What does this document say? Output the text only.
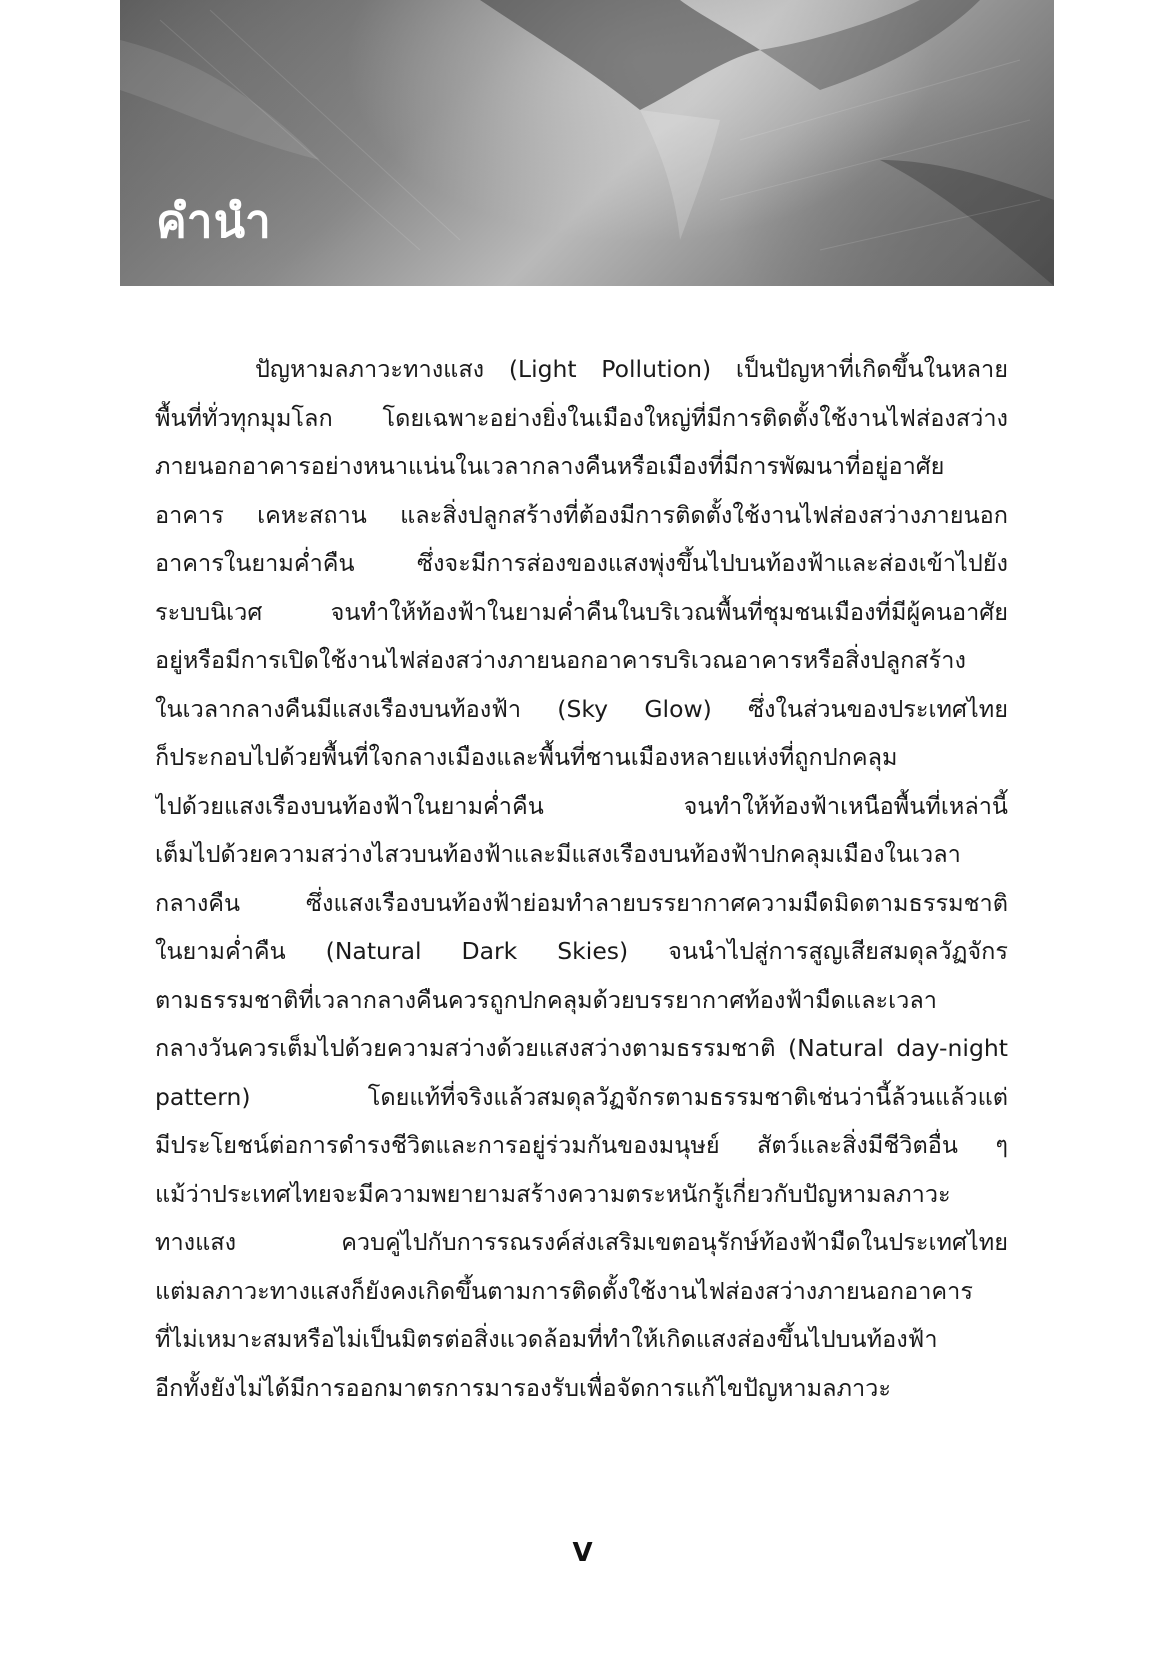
คำนำ
ปัญหามลภาวะทางแสง (Light Pollution) เป็นปัญหาที่เกิดขึ้นในหลาย
พื้นที่ทั่วทุกมุมโลก โดยเฉพาะอย่างยิ่งในเมืองใหญ่ที่มีการติดตั้งใช้งานไฟส่องสว่าง
ภายนอกอาคารอย่างหนาแน่นในเวลากลางคืนหรือเมืองที่มีการพัฒนาที่อยู่อาศัย
อาคาร เคหะสถาน และสิ่งปลูกสร้างที่ต้องมีการติดตั้งใช้งานไฟส่องสว่างภายนอก
อาคารในยามค่ำคืน ซึ่งจะมีการส่องของแสงพุ่งขึ้นไปบนท้องฟ้าและส่องเข้าไปยัง
ระบบนิเวศ จนทำให้ท้องฟ้าในยามค่ำคืนในบริเวณพื้นที่ชุมชนเมืองที่มีผู้คนอาศัย
อยู่หรือมีการเปิดใช้งานไฟส่องสว่างภายนอกอาคารบริเวณอาคารหรือสิ่งปลูกสร้าง
ในเวลากลางคืนมีแสงเรืองบนท้องฟ้า (Sky Glow) ซึ่งในส่วนของประเทศไทย
ก็ประกอบไปด้วยพื้นที่ใจกลางเมืองและพื้นที่ชานเมืองหลายแห่งที่ถูกปกคลุม
ไปด้วยแสงเรืองบนท้องฟ้าในยามค่ำคืน จนทำให้ท้องฟ้าเหนือพื้นที่เหล่านี้
เต็มไปด้วยความสว่างไสวบนท้องฟ้าและมีแสงเรืองบนท้องฟ้าปกคลุมเมืองในเวลา
กลางคืน ซึ่งแสงเรืองบนท้องฟ้าย่อมทำลายบรรยากาศความมืดมิดตามธรรมชาติ
ในยามค่ำคืน (Natural Dark Skies) จนนำไปสู่การสูญเสียสมดุลวัฏจักร
ตามธรรมชาติที่เวลากลางคืนควรถูกปกคลุมด้วยบรรยากาศท้องฟ้ามืดและเวลา
กลางวันควรเต็มไปด้วยความสว่างด้วยแสงสว่างตามธรรมชาติ (Natural day-night
pattern) โดยแท้ที่จริงแล้วสมดุลวัฏจักรตามธรรมชาติเช่นว่านี้ล้วนแล้วแต่
มีประโยชน์ต่อการดำรงชีวิตและการอยู่ร่วมกันของมนุษย์ สัตว์และสิ่งมีชีวิตอื่น ๆ
แม้ว่าประเทศไทยจะมีความพยายามสร้างความตระหนักรู้เกี่ยวกับปัญหามลภาวะ
ทางแสง ควบคู่ไปกับการรณรงค์ส่งเสริมเขตอนุรักษ์ท้องฟ้ามืดในประเทศไทย
แต่มลภาวะทางแสงก็ยังคงเกิดขึ้นตามการติดตั้งใช้งานไฟส่องสว่างภายนอกอาคาร
ที่ไม่เหมาะสมหรือไม่เป็นมิตรต่อสิ่งแวดล้อมที่ทำให้เกิดแสงส่องขึ้นไปบนท้องฟ้า
อีกทั้งยังไม่ได้มีการออกมาตรการมารองรับเพื่อจัดการแก้ไขปัญหามลภาวะ
V
